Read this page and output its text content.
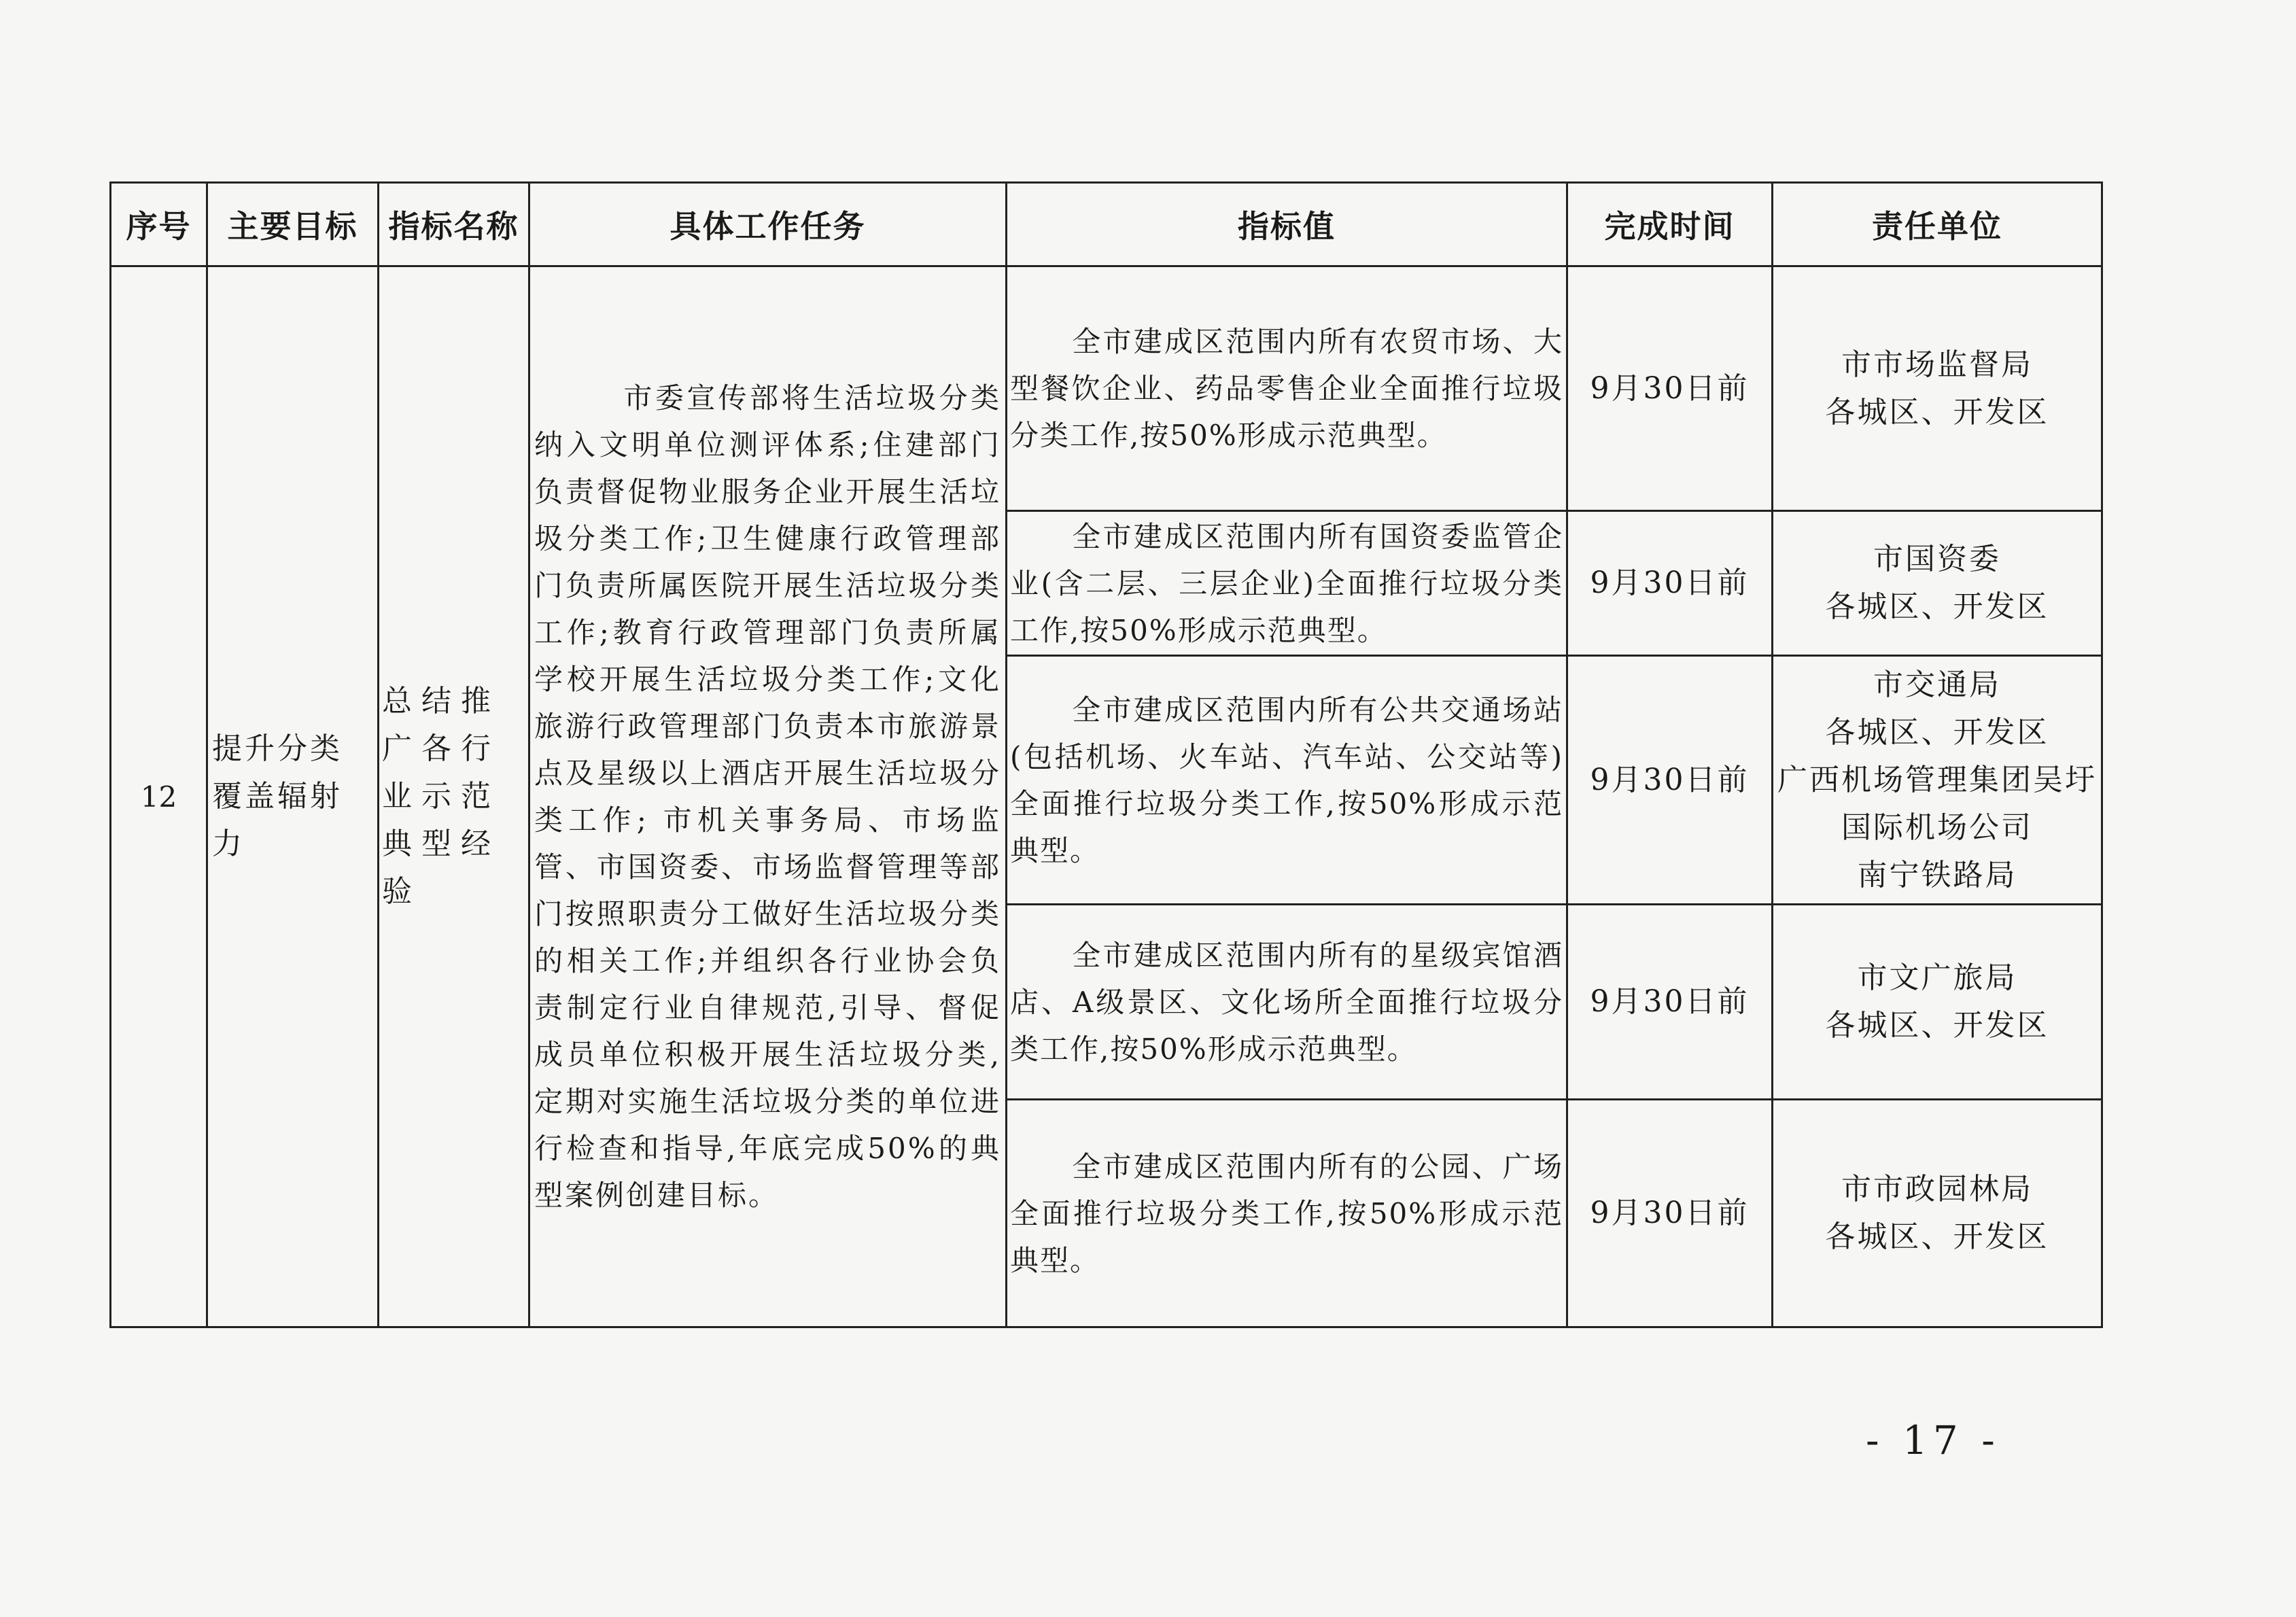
序号	主要目标	指标名称	具体工作任务	指标值	完成时间	责任单位
12	提升分类覆盖辐射力	总结推广各行业示范典型经验	市委宣传部将生活垃圾分类纳入文明单位测评体系;住建部门负责督促物业服务企业开展生活垃圾分类工作;卫生健康行政管理部门负责所属医院开展生活垃圾分类工作;教育行政管理部门负责所属学校开展生活垃圾分类工作;文化旅游行政管理部门负责本市旅游景点及星级以上酒店开展生活垃圾分类工作; 市机关事务局、市场监管、市国资委、市场监督管理等部门按照职责分工做好生活垃圾分类的相关工作;并组织各行业协会负责制定行业自律规范,引导、督促成员单位积极开展生活垃圾分类,定期对实施生活垃圾分类的单位进行检查和指导,年底完成50%的典型案例创建目标。	全市建成区范围内所有农贸市场、大型餐饮企业、药品零售企业全面推行垃圾分类工作,按50%形成示范典型。	9月30日前	市市场监督局
各城区、开发区

				全市建成区范围内所有国资委监管企业(含二层、三层企业)全面推行垃圾分类工作,按50%形成示范典型。	9月30日前	市国资委
各城区、开发区

				全市建成区范围内所有公共交通场站(包括机场、火车站、汽车站、公交站等)全面推行垃圾分类工作,按50%形成示范典型。	9月30日前	市交通局
各城区、开发区
广西机场管理集团吴圩国际机场公司
南宁铁路局

				全市建成区范围内所有的星级宾馆酒店、A级景区、文化场所全面推行垃圾分类工作,按50%形成示范典型。	9月30日前	市文广旅局
各城区、开发区

				全市建成区范围内所有的公园、广场全面推行垃圾分类工作,按50%形成示范典型。	9月30日前	市市政园林局
各城区、开发区
- 17 -
